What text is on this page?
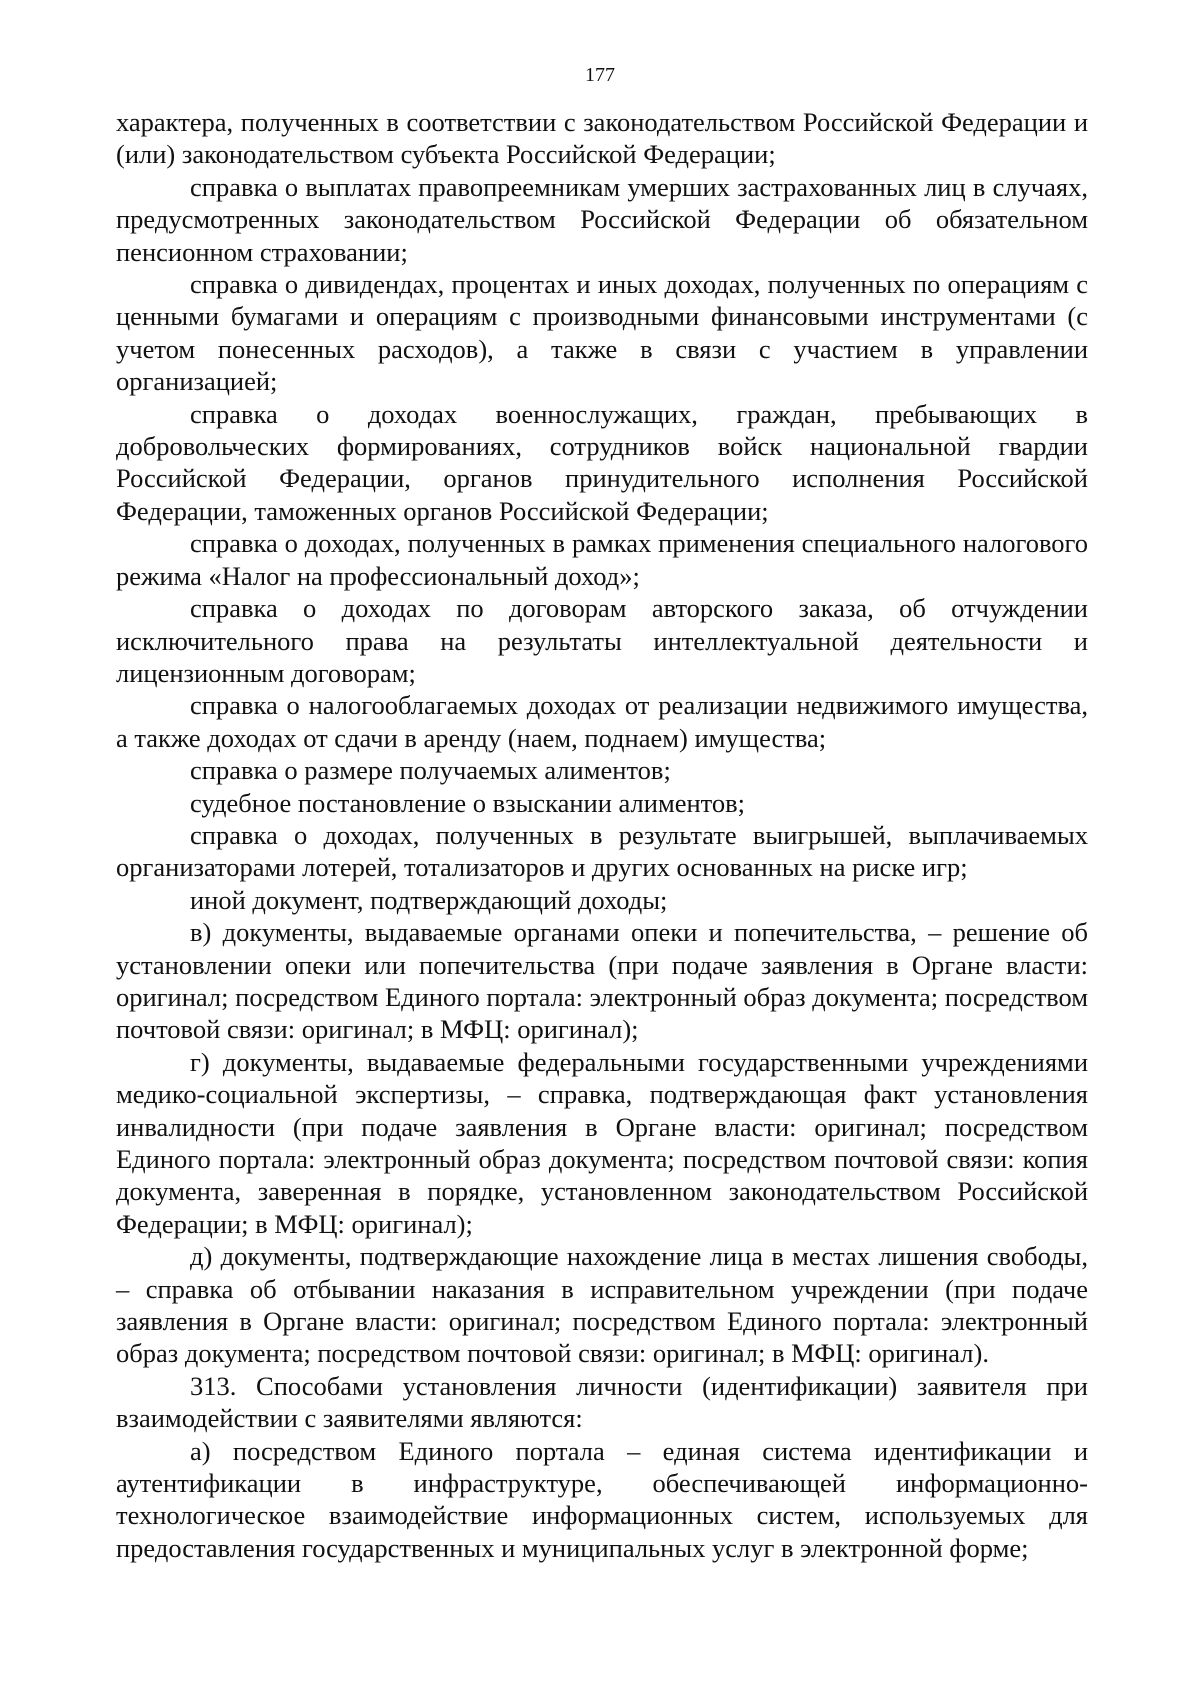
177

характера, полученных в соответствии с законодательством Российской Федерации и (или) законодательством субъекта Российской Федерации;

справка о выплатах правопреемникам умерших застрахованных лиц в случаях, предусмотренных законодательством Российской Федерации об обязательном пенсионном страховании;

справка о дивидендах, процентах и иных доходах, полученных по операциям с ценными бумагами и операциям с производными финансовыми инструментами (с учетом понесенных расходов), а также в связи с участием в управлении организацией;

справка о доходах военнослужащих, граждан, пребывающих в добровольческих формированиях, сотрудников войск национальной гвардии Российской Федерации, органов принудительного исполнения Российской Федерации, таможенных органов Российской Федерации;

справка о доходах, полученных в рамках применения специального налогового режима «Налог на профессиональный доход»;

справка о доходах по договорам авторского заказа, об отчуждении исключительного права на результаты интеллектуальной деятельности и лицензионным договорам;

справка о налогооблагаемых доходах от реализации недвижимого имущества, а также доходах от сдачи в аренду (наем, поднаем) имущества;

справка о размере получаемых алиментов;

судебное постановление о взыскании алиментов;

справка о доходах, полученных в результате выигрышей, выплачиваемых организаторами лотерей, тотализаторов и других основанных на риске игр;

иной документ, подтверждающий доходы;

в) документы, выдаваемые органами опеки и попечительства, – решение об установлении опеки или попечительства (при подаче заявления в Органе власти: оригинал; посредством Единого портала: электронный образ документа; посредством почтовой связи: оригинал; в МФЦ: оригинал);

г) документы, выдаваемые федеральными государственными учреждениями медико-социальной экспертизы, – справка, подтверждающая факт установления инвалидности (при подаче заявления в Органе власти: оригинал; посредством Единого портала: электронный образ документа; посредством почтовой связи: копия документа, заверенная в порядке, установленном законодательством Российской Федерации; в МФЦ: оригинал);

д) документы, подтверждающие нахождение лица в местах лишения свободы, – справка об отбывании наказания в исправительном учреждении (при подаче заявления в Органе власти: оригинал; посредством Единого портала: электронный образ документа; посредством почтовой связи: оригинал; в МФЦ: оригинал).

313. Способами установления личности (идентификации) заявителя при взаимодействии с заявителями являются:

а) посредством Единого портала – единая система идентификации и аутентификации в инфраструктуре, обеспечивающей информационно-технологическое взаимодействие информационных систем, используемых для предоставления государственных и муниципальных услуг в электронной форме;
